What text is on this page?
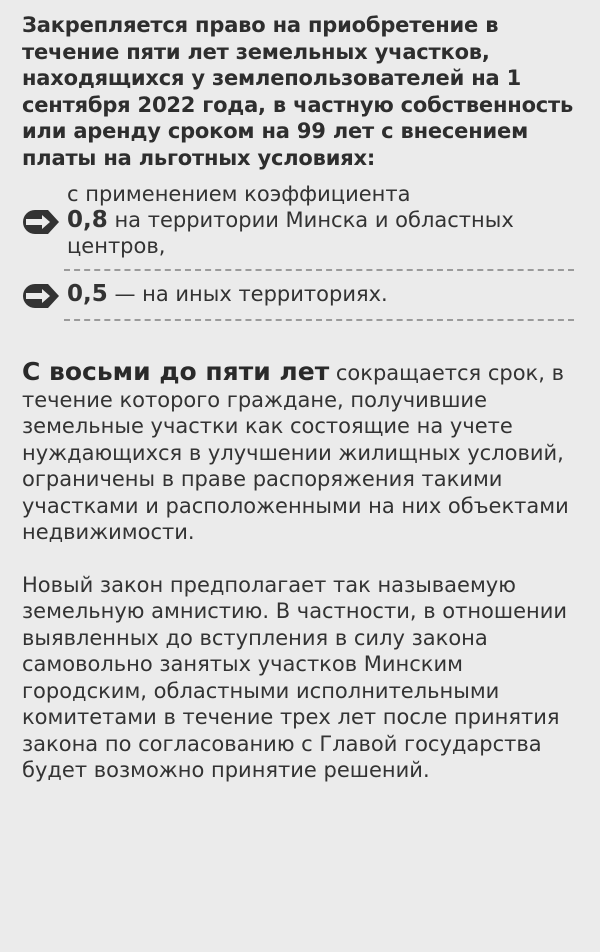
Закрепляется право на приобретение в течение пяти лет земельных участков, находящихся у землепользователей на 1 сентября 2022 года, в частную собственность или аренду сроком на 99 лет с внесением платы на льготных условиях:

с применением коэффициента
0,8 на территории Минска и областных центров,
0,5 — на иных территориях.

С восьми до пяти лет сокращается срок, в течение которого граждане, получившие земельные участки как состоящие на учете нуждающихся в улучшении жилищных условий, ограничены в праве распоряжения такими участками и расположенными на них объектами недвижимости.

Новый закон предполагает так называемую земельную амнистию. В частности, в отношении выявленных до вступления в силу закона самовольно занятых участков Минским городским, областными исполнительными комитетами в течение трех лет после принятия закона по согласованию с Главой государства будет возможно принятие решений.
